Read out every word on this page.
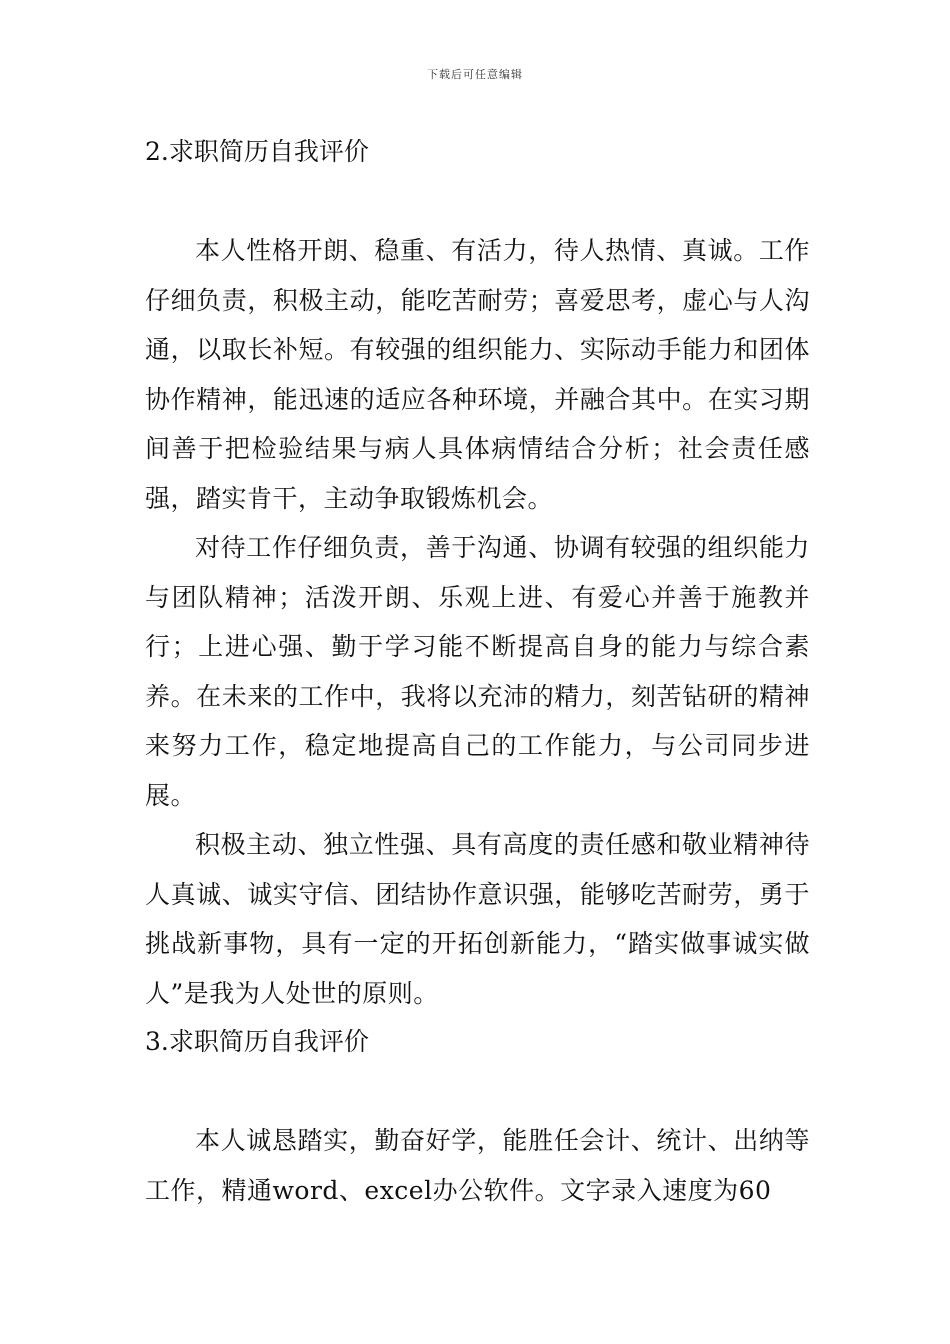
下载后可任意编辑
2.求职简历自我评价

本人性格开朗、稳重、有活力，待人热情、真诚。工作仔细负责，积极主动，能吃苦耐劳；喜爱思考，虚心与人沟通，以取长补短。有较强的组织能力、实际动手能力和团体协作精神，能迅速的适应各种环境，并融合其中。在实习期间善于把检验结果与病人具体病情结合分析；社会责任感强，踏实肯干，主动争取锻炼机会。

对待工作仔细负责，善于沟通、协调有较强的组织能力与团队精神；活泼开朗、乐观上进、有爱心并善于施教并行；上进心强、勤于学习能不断提高自身的能力与综合素养。在未来的工作中，我将以充沛的精力，刻苦钻研的精神来努力工作，稳定地提高自己的工作能力，与公司同步进展。

积极主动、独立性强、具有高度的责任感和敬业精神待人真诚、诚实守信、团结协作意识强，能够吃苦耐劳，勇于挑战新事物，具有一定的开拓创新能力，“踏实做事诚实做人”是我为人处世的原则。

3.求职简历自我评价

本人诚恳踏实，勤奋好学，能胜任会计、统计、出纳等工作，精通word、excel办公软件。文字录入速度为60
